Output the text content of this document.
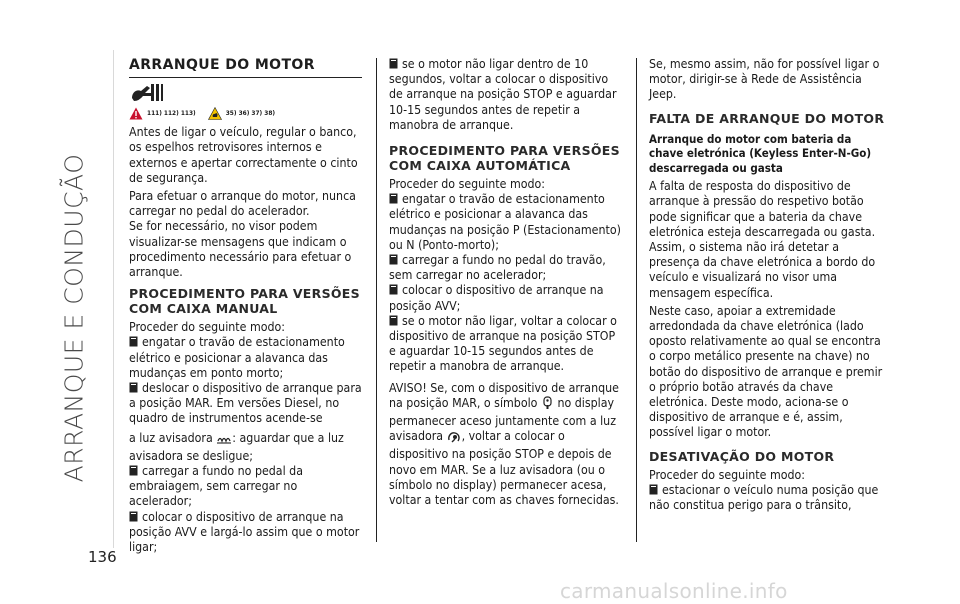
ARRANQUE E CONDUÇÃO
136
ARRANQUE DO MOTOR
111) 112) 113)	35) 36) 37) 38)

Antes de ligar o veículo, regular o banco, os espelhos retrovisores internos e externos e apertar correctamente o cinto de segurança.

Para efetuar o arranque do motor, nunca carregar no pedal do acelerador.

Se for necessário, no visor podem visualizar-se mensagens que indicam o procedimento necessário para efetuar o arranque.

PROCEDIMENTO PARA VERSÕES COM CAIXA MANUAL

Proceder do seguinte modo:

engatar o travão de estacionamento elétrico e posicionar a alavanca das mudanças em ponto morto;

deslocar o dispositivo de arranque para a posição MAR. Em versões Diesel, no quadro de instrumentos acende-se

a luz avisadora : aguardar que a luz avisadora se desligue;

carregar a fundo no pedal da embraiagem, sem carregar no acelerador;

colocar o dispositivo de arranque na posição AVV e largá-lo assim que o motor ligar;

se o motor não ligar dentro de 10 segundos, voltar a colocar o dispositivo de arranque na posição STOP e aguardar 10-15 segundos antes de repetir a manobra de arranque.

PROCEDIMENTO PARA VERSÕES COM CAIXA AUTOMÁTICA

Proceder do seguinte modo:

engatar o travão de estacionamento elétrico e posicionar a alavanca das mudanças na posição P (Estacionamento) ou N (Ponto-morto);

carregar a fundo no pedal do travão, sem carregar no acelerador;

colocar o dispositivo de arranque na posição AVV;

se o motor não ligar, voltar a colocar o dispositivo de arranque na posição STOP e aguardar 10-15 segundos antes de repetir a manobra de arranque.

AVISO! Se, com o dispositivo de arranque na posição MAR, o símbolo no display permanecer aceso juntamente com a luz avisadora , voltar a colocar o dispositivo na posição STOP e depois de novo em MAR. Se a luz avisadora (ou o símbolo no display) permanecer acesa, voltar a tentar com as chaves fornecidas.

Se, mesmo assim, não for possível ligar o motor, dirigir-se à Rede de Assistência Jeep.

FALTA DE ARRANQUE DO MOTOR
Arranque do motor com bateria da chave eletrónica (Keyless Enter-N-Go) descarregada ou gasta

A falta de resposta do dispositivo de arranque à pressão do respetivo botão pode significar que a bateria da chave eletrónica esteja descarregada ou gasta. Assim, o sistema não irá detetar a presença da chave eletrónica a bordo do veículo e visualizará no visor uma mensagem específica.

Neste caso, apoiar a extremidade arredondada da chave eletrónica (lado oposto relativamente ao qual se encontra o corpo metálico presente na chave) no botão do dispositivo de arranque e premir o próprio botão através da chave eletrónica. Deste modo, aciona-se o dispositivo de arranque e é, assim, possível ligar o motor.

DESATIVAÇÃO DO MOTOR

Proceder do seguinte modo:

estacionar o veículo numa posição que não constitua perigo para o trânsito,

carmanualsonline.info
